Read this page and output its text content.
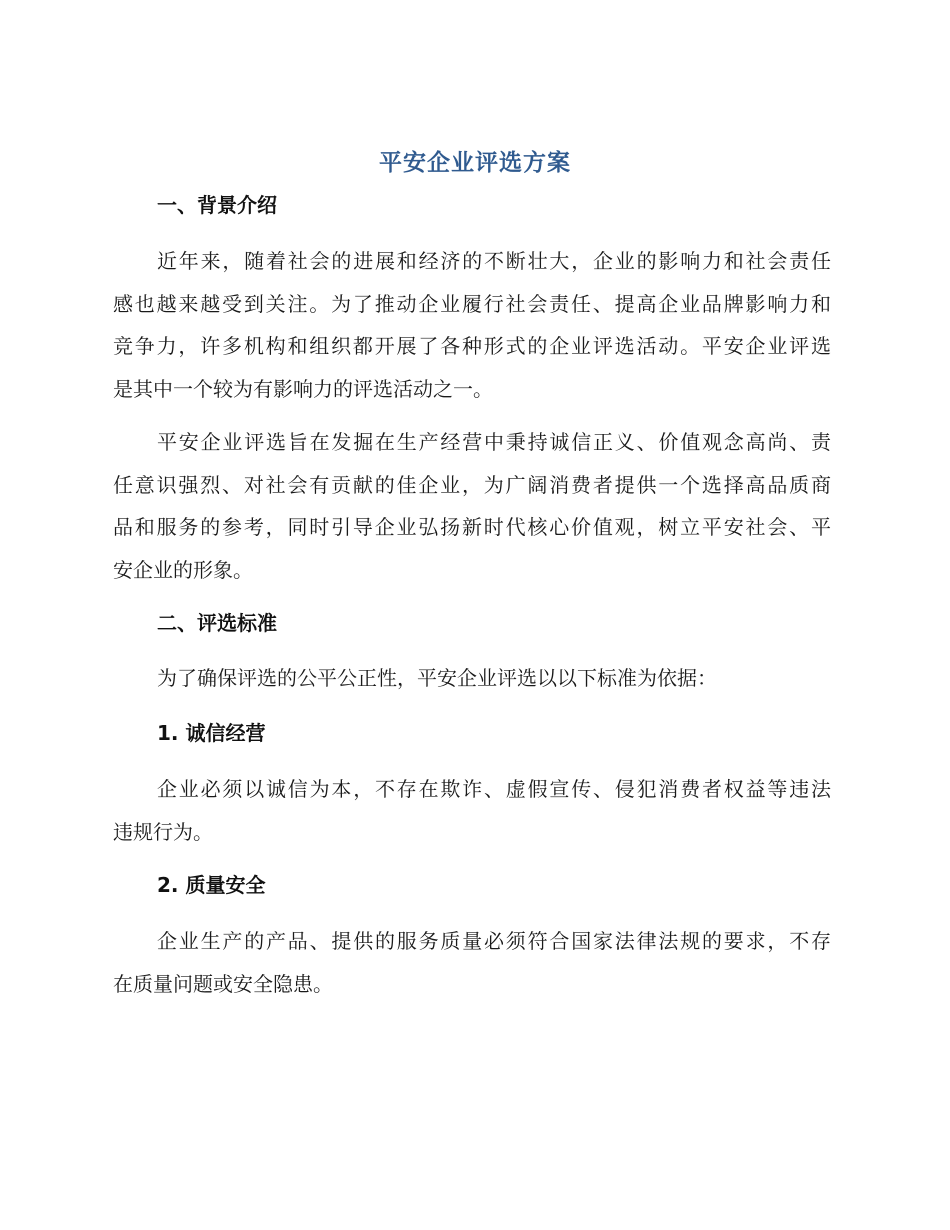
平安企业评选方案
一、背景介绍
近年来，随着社会的进展和经济的不断壮大，企业的影响力和社会责任
感也越来越受到关注。为了推动企业履行社会责任、提高企业品牌影响力和
竞争力，许多机构和组织都开展了各种形式的企业评选活动。平安企业评选
是其中一个较为有影响力的评选活动之一。
平安企业评选旨在发掘在生产经营中秉持诚信正义、价值观念高尚、责
任意识强烈、对社会有贡献的佳企业，为广阔消费者提供一个选择高品质商
品和服务的参考，同时引导企业弘扬新时代核心价值观，树立平安社会、平
安企业的形象。
二、评选标准
为了确保评选的公平公正性，平安企业评选以以下标准为依据：
1. 诚信经营
企业必须以诚信为本，不存在欺诈、虚假宣传、侵犯消费者权益等违法
违规行为。
2. 质量安全
企业生产的产品、提供的服务质量必须符合国家法律法规的要求，不存
在质量问题或安全隐患。
